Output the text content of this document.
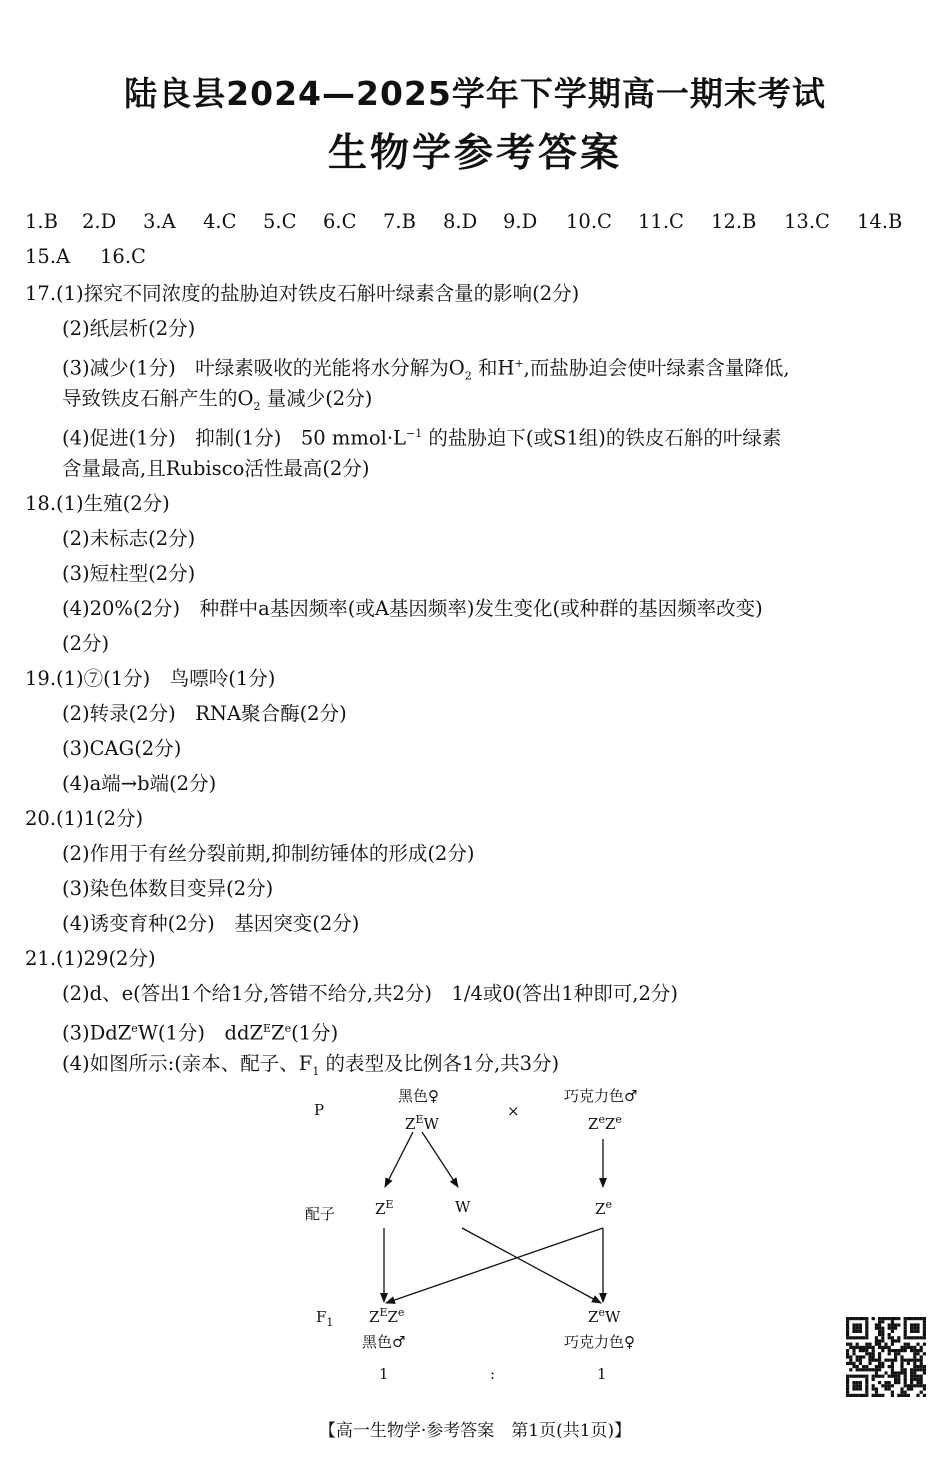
陆良县2024—2025学年下学期高一期末考试
生物学参考答案
1.B 2.D 3.A 4.C 5.C 6.C 7.B 8.D 9.D 10.C 11.C 12.B 13.C 14.B
15.A 16.C
17.(1)探究不同浓度的盐胁迫对铁皮石斛叶绿素含量的影响(2分)
(2)纸层析(2分)
(3)减少(1分)　叶绿素吸收的光能将水分解为$O_2$ 和H+,而盐胁迫会使叶绿素含量降低,
导致铁皮石斛产生的$O_2$ 量减少(2分)
(4)促进(1分)　抑制(1分)　50 $mmol\cdot L^{-1}$ 的盐胁迫下(或S1组)的铁皮石斛的叶绿素
含量最高,且Rubisco活性最高(2分)
18.(1)生殖(2分)
(2)未标志(2分)
(3)短柱型(2分)
(4)20%(2分)　种群中a基因频率(或A基因频率)发生变化(或种群的基因频率改变)
(2分)
19.(1)⑦(1分)　鸟嘌呤(1分)
(2)转录(2分)　RNA聚合酶(2分)
(3)CAG(2分)
(4)a端→b端(2分)
20.(1)1(2分)
(2)作用于有丝分裂前期,抑制纺锤体的形成(2分)
(3)染色体数目变异(2分)
(4)诱变育种(2分)　基因突变(2分)
21.(1)29(2分)
(2)d、e(答出1个给1分,答错不给分,共2分)　1/4或0(答出1种即可,2分)
(3)DdZ$^e$W(1分)　$ddZ^EZ^e(1$分)
(4)如图所示:(亲本、配子、$F_1$ 的表型及比例各1分,共3分)
P
配子
$F_1$
×
黑色♀
$Z^EW$
巧克力色♂
$Z^eZ^e$
$Z^E$	W	$Z^e$
$Z^EZ^e$
黑色♂
$Z^eW$
巧克力色♀
1	:	1
【高一生物学·参考答案　第1页(共1页)】
